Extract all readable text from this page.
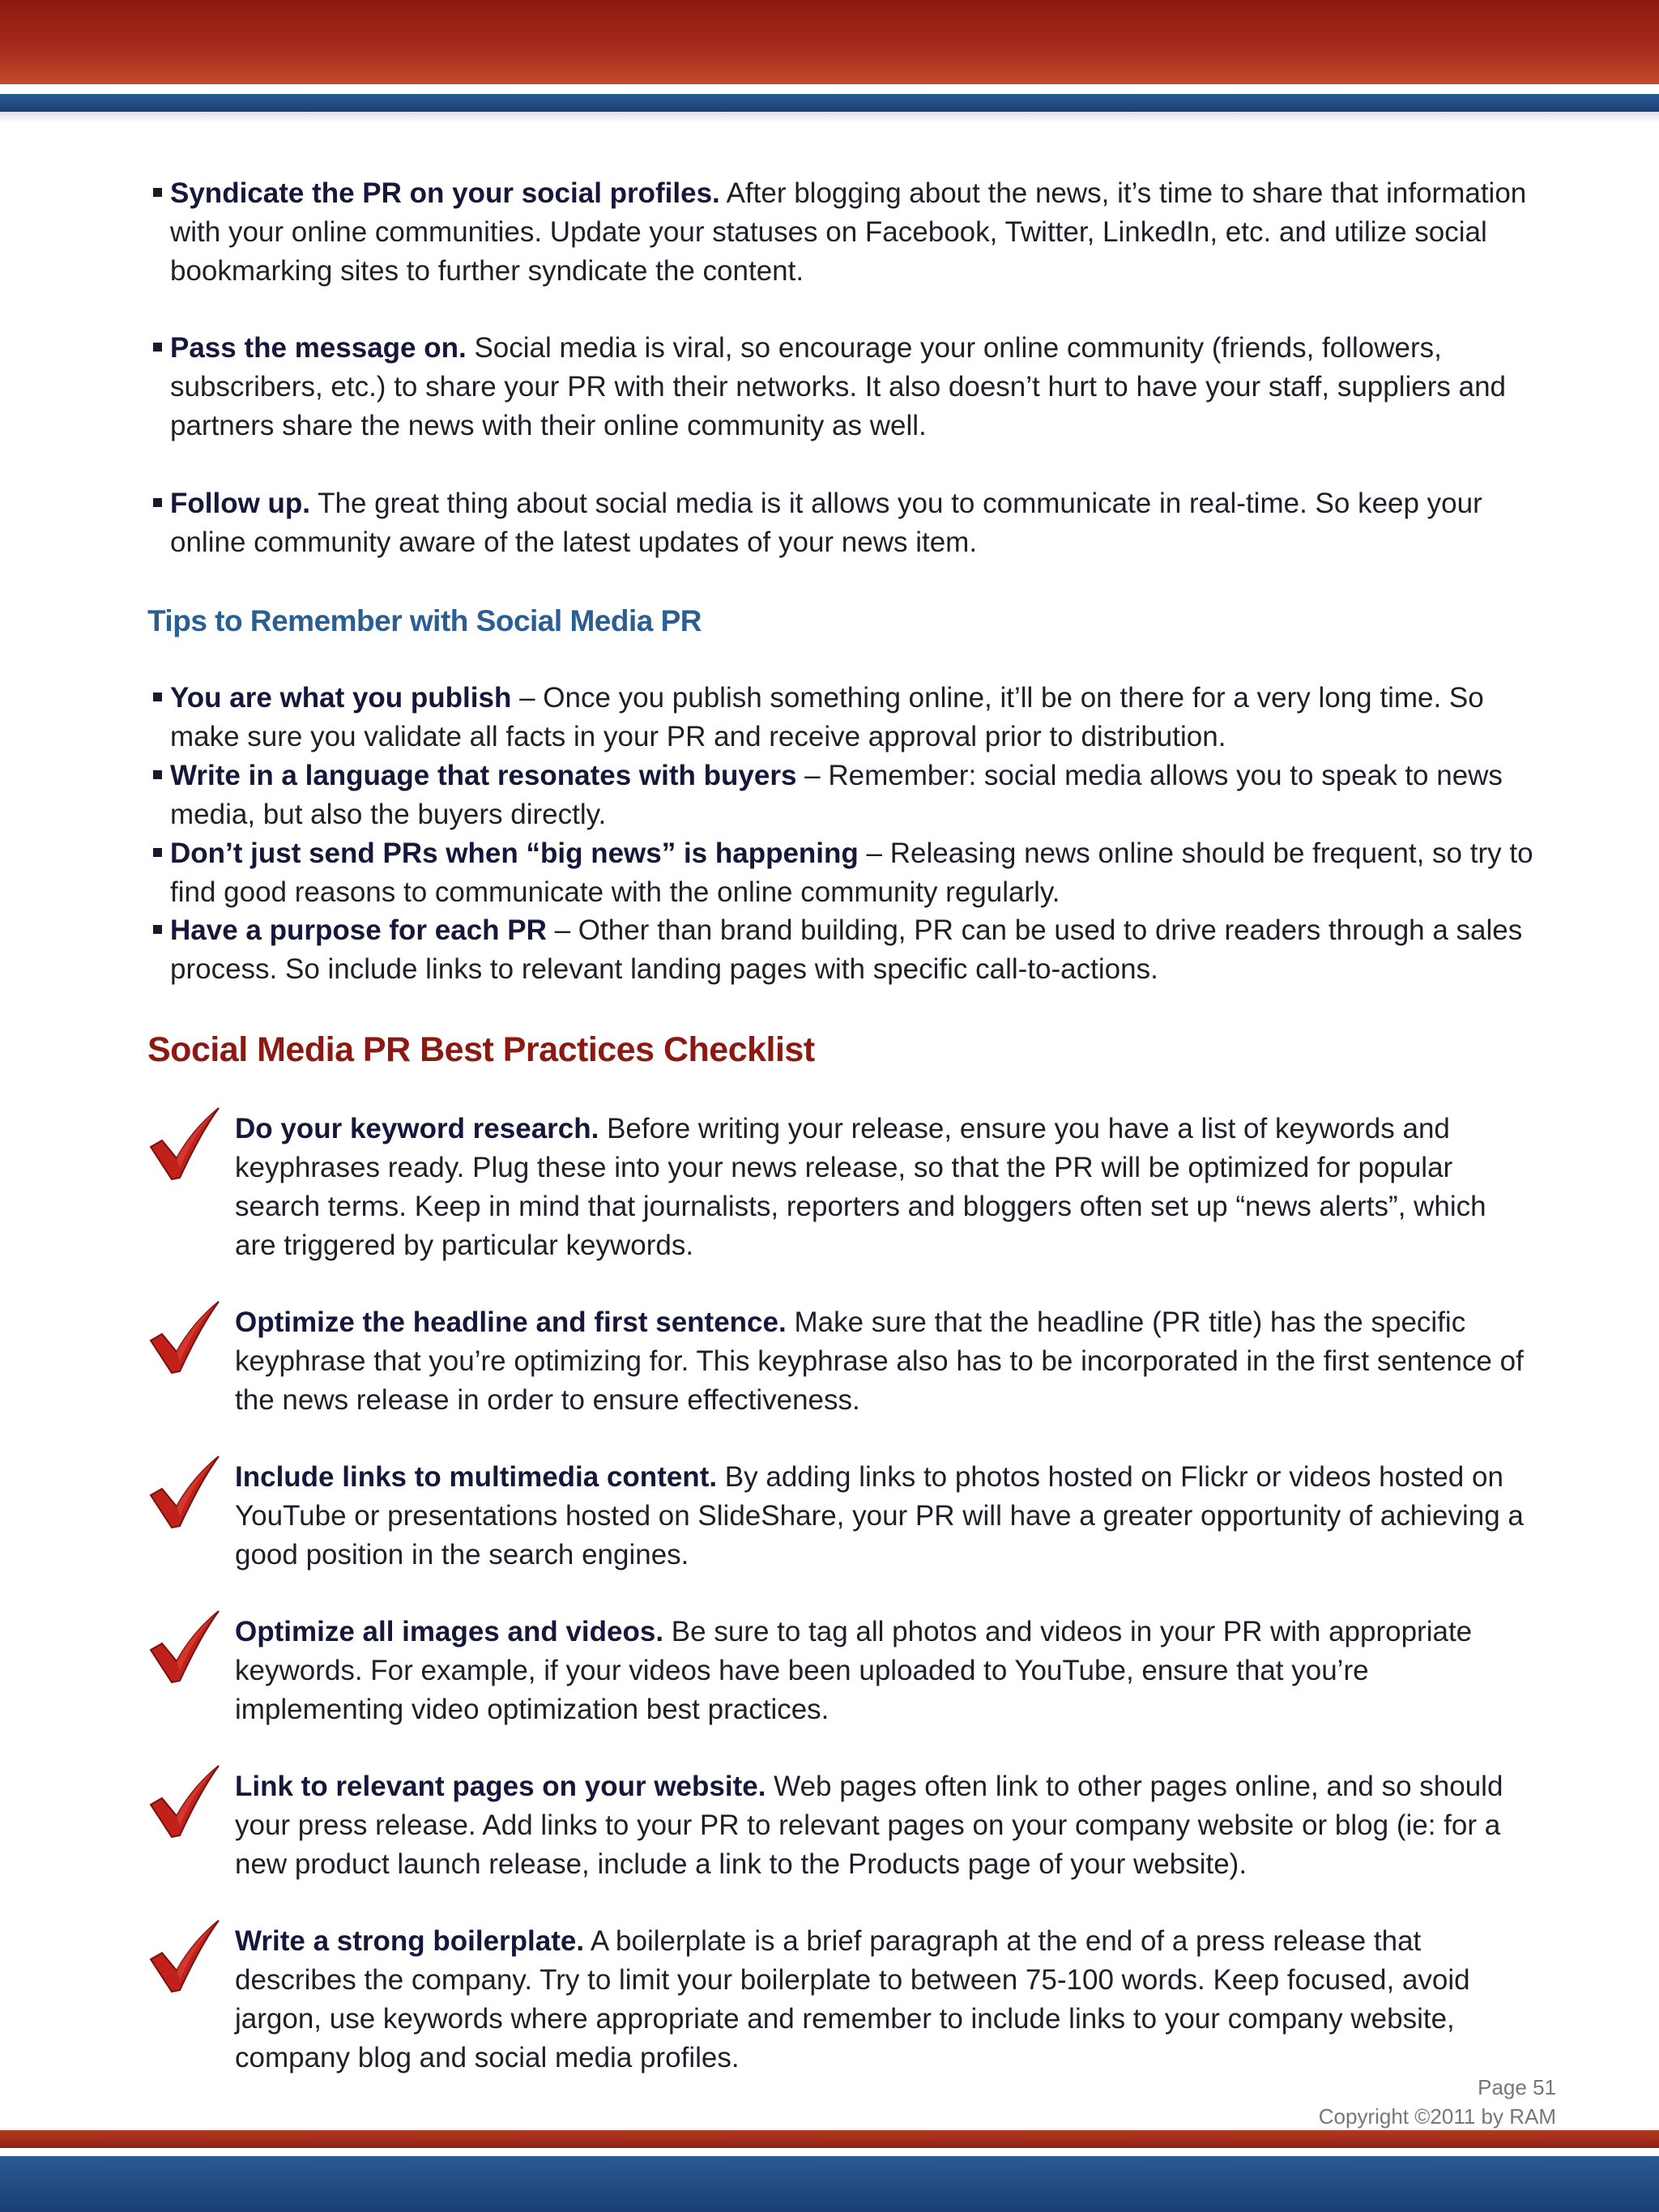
Syndicate the PR on your social profiles. After blogging about the news, it’s time to share that information with your online communities. Update your statuses on Facebook, Twitter, LinkedIn, etc. and utilize social bookmarking sites to further syndicate the content.
Pass the message on. Social media is viral, so encourage your online community (friends, followers, subscribers, etc.) to share your PR with their networks. It also doesn’t hurt to have your staff, suppliers and partners share the news with their online community as well.
Follow up. The great thing about social media is it allows you to communicate in real-time. So keep your online community aware of the latest updates of your news item.
Tips to Remember with Social Media PR
You are what you publish – Once you publish something online, it’ll be on there for a very long time. So make sure you validate all facts in your PR and receive approval prior to distribution.
Write in a language that resonates with buyers – Remember: social media allows you to speak to news media, but also the buyers directly.
Don’t just send PRs when “big news” is happening – Releasing news online should be frequent, so try to find good reasons to communicate with the online community regularly.
Have a purpose for each PR – Other than brand building, PR can be used to drive readers through a sales process. So include links to relevant landing pages with specific call-to-actions.
Social Media PR Best Practices Checklist
Do your keyword research. Before writing your release, ensure you have a list of keywords and keyphrases ready. Plug these into your news release, so that the PR will be optimized for popular search terms. Keep in mind that journalists, reporters and bloggers often set up “news alerts”, which are triggered by particular keywords.
Optimize the headline and first sentence. Make sure that the headline (PR title) has the specific keyphrase that you’re optimizing for. This keyphrase also has to be incorporated in the first sentence of the news release in order to ensure effectiveness.
Include links to multimedia content. By adding links to photos hosted on Flickr or videos hosted on YouTube or presentations hosted on SlideShare, your PR will have a greater opportunity of achieving a good position in the search engines.
Optimize all images and videos. Be sure to tag all photos and videos in your PR with appropriate keywords. For example, if your videos have been uploaded to YouTube, ensure that you’re implementing video optimization best practices.
Link to relevant pages on your website. Web pages often link to other pages online, and so should your press release. Add links to your PR to relevant pages on your company website or blog (ie: for a new product launch release, include a link to the Products page of your website).
Write a strong boilerplate. A boilerplate is a brief paragraph at the end of a press release that describes the company. Try to limit your boilerplate to between 75-100 words. Keep focused, avoid jargon, use keywords where appropriate and remember to include links to your company website, company blog and social media profiles.
Page 51
Copyright ©2011 by RAM
